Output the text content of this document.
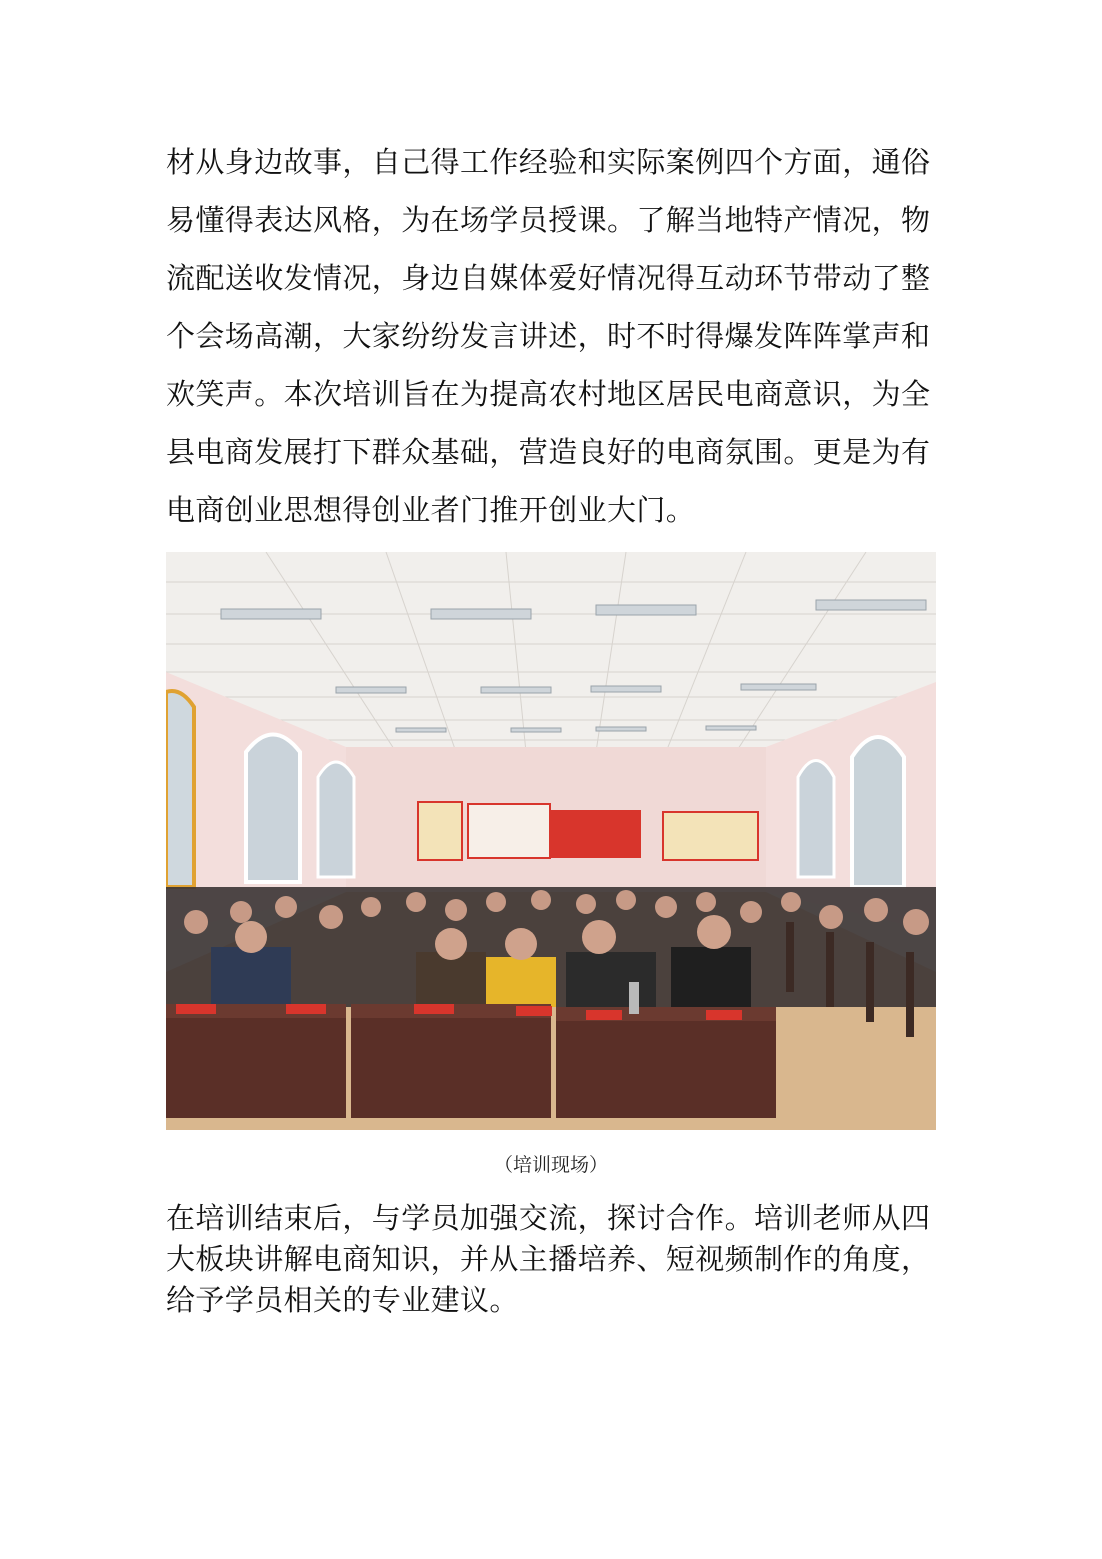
材从身边故事，自己得工作经验和实际案例四个方面，通俗
易懂得表达风格，为在场学员授课。了解当地特产情况，物
流配送收发情况，身边自媒体爱好情况得互动环节带动了整
个会场高潮，大家纷纷发言讲述，时不时得爆发阵阵掌声和
欢笑声。本次培训旨在为提高农村地区居民电商意识，为全
县电商发展打下群众基础，营造良好的电商氛围。更是为有
电商创业思想得创业者门推开创业大门。
（培训现场）
在培训结束后，与学员加强交流，探讨合作。培训老师从四
大板块讲解电商知识，并从主播培养、短视频制作的角度，
给予学员相关的专业建议。
